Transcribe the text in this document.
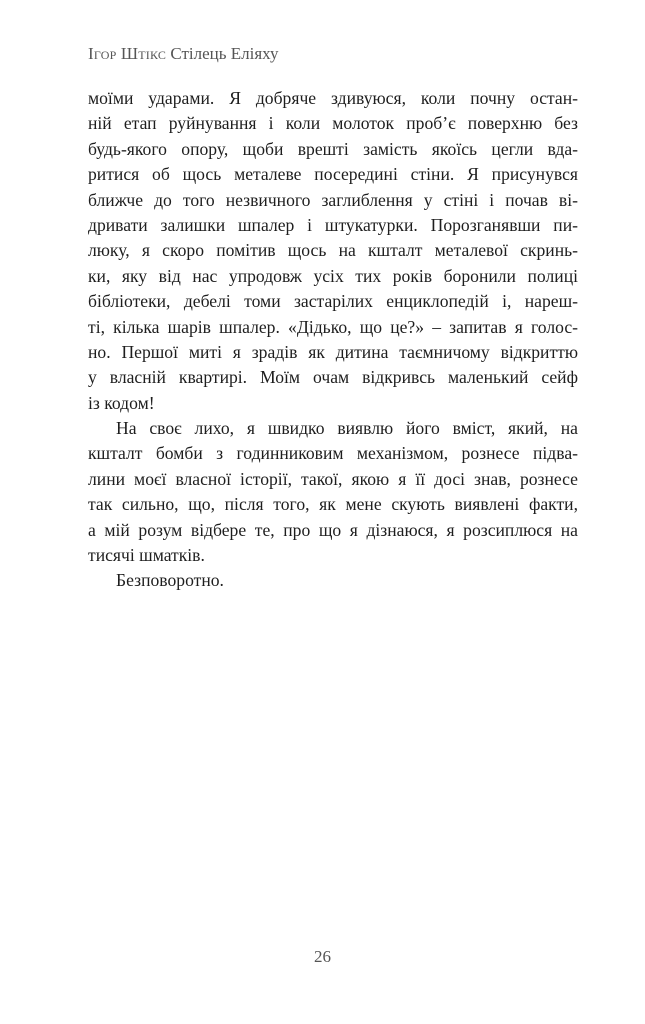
Ігор Штікс Стілець Еліяху
моїми ударами. Я добряче здивуюся, коли почну остан-
ній етап руйнування і коли молоток проб’є поверхню без
будь-якого опору, щоби врешті замість якоїсь цегли вда-
ритися об щось металеве посередині стіни. Я присунувся
ближче до того незвичного заглиблення у стіні і почав ві-
дривати залишки шпалер і штукатурки. Порозганявши пи-
люку, я скоро помітив щось на кшталт металевої скринь-
ки, яку від нас упродовж усіх тих років боронили полиці
бібліотеки, дебелі томи застарілих енциклопедій і, нареш-
ті, кілька шарів шпалер. «Дідько, що це?» – запитав я голос-
но. Першої миті я зрадів як дитина таємничому відкриттю
у власній квартирі. Моїм очам відкривсь маленький сейф
із кодом!
На своє лихо, я швидко виявлю його вміст, який, на
кшталт бомби з годинниковим механізмом, рознесе підва-
лини моєї власної історії, такої, якою я її досі знав, рознесе
так сильно, що, після того, як мене скують виявлені факти,
а мій розум відбере те, про що я дізнаюся, я розсиплюся на
тисячі шматків.
Безповоротно.
26
